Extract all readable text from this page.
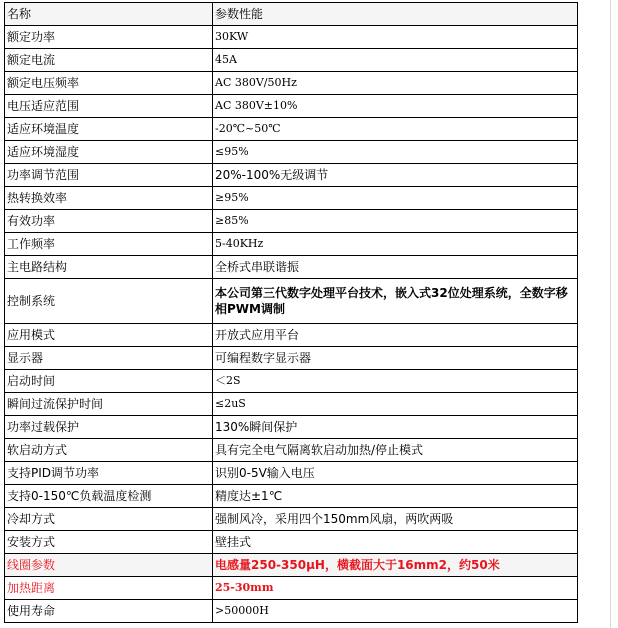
名称	参数性能
额定功率	30KW
额定电流	45A
额定电压频率	AC 380V/50Hz
电压适应范围	AC 380V±10%
适应环境温度	-20℃~50℃
适应环境湿度	≤95%
功率调节范围	20%-100%无级调节
热转换效率	≥95%
有效功率	≥85%
工作频率	5-40KHz
主电路结构	全桥式串联谐振
控制系统	本公司第三代数字处理平台技术，嵌入式32位处理系统，全数字移相PWM调制
应用模式	开放式应用平台
显示器	可编程数字显示器
启动时间	＜2S
瞬间过流保护时间	≤2uS
功率过载保护	130%瞬间保护
软启动方式	具有完全电气隔离软启动加热/停止模式
支持PID调节功率	识别0-5V输入电压
支持0-150℃负载温度检测	精度达±1℃
冷却方式	强制风冷，采用四个150mm风扇，两吹两吸
安装方式	壁挂式
线圈参数	电感量250-350μH，横截面大于16mm2，约50米
加热距离	25-30mm
使用寿命	>50000H
